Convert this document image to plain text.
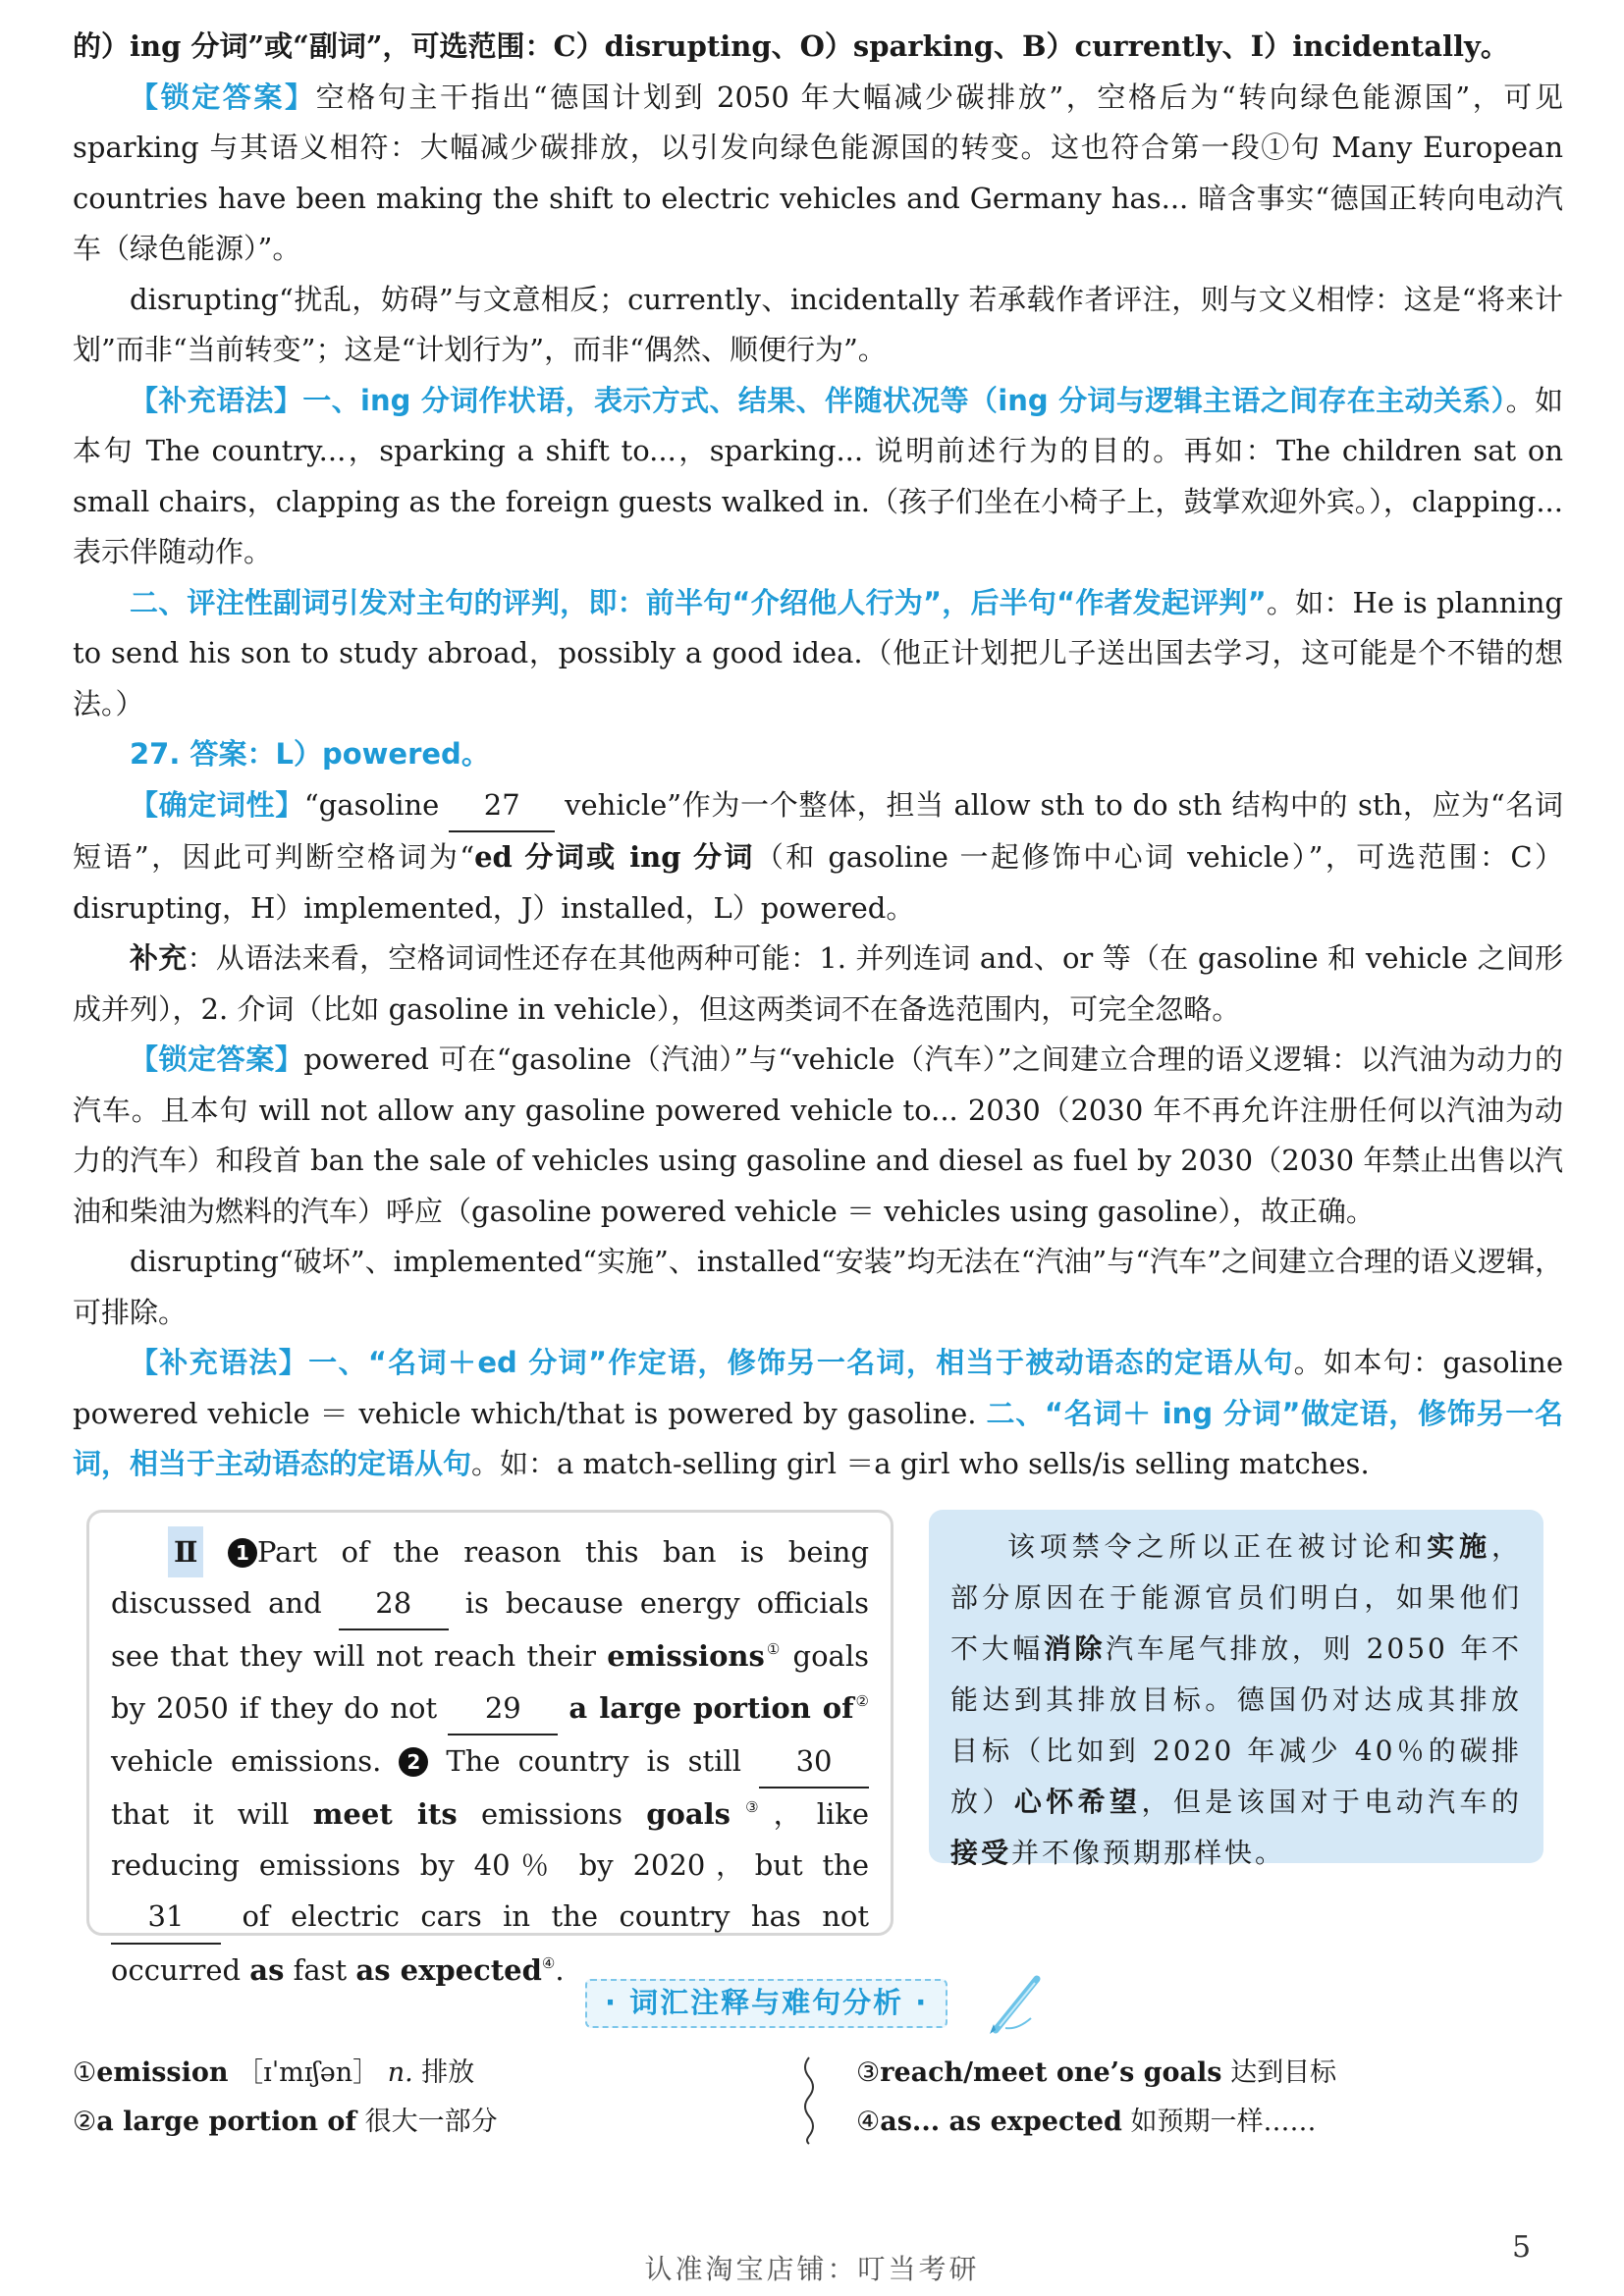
的）ing 分词”或“副词”，可选范围：C）disrupting、O）sparking、B）currently、I）incidentally。

【锁定答案】空格句主干指出“德国计划到 2050 年大幅减少碳排放”，空格后为“转向绿色能源国”，可见 sparking 与其语义相符：大幅减少碳排放，以引发向绿色能源国的转变。这也符合第一段①句 Many European countries have been making the shift to electric vehicles and Germany has... 暗含事实“德国正转向电动汽车（绿色能源）”。

disrupting“扰乱，妨碍”与文意相反；currently、incidentally 若承载作者评注，则与文义相悖：这是“将来计划”而非“当前转变”；这是“计划行为”，而非“偶然、顺便行为”。

【补充语法】一、ing 分词作状语，表示方式、结果、伴随状况等（ing 分词与逻辑主语之间存在主动关系）。如本句 The country...，sparking a shift to...，sparking... 说明前述行为的目的。再如：The children sat on small chairs，clapping as the foreign guests walked in.（孩子们坐在小椅子上，鼓掌欢迎外宾。），clapping... 表示伴随动作。

二、评注性副词引发对主句的评判，即：前半句“介绍他人行为”，后半句“作者发起评判”。如：He is planning to send his son to study abroad，possibly a good idea.（他正计划把儿子送出国去学习，这可能是个不错的想法。）

27. 答案：L）powered。

【确定词性】“gasoline 27 vehicle”作为一个整体，担当 allow sth to do sth 结构中的 sth，应为“名词短语”，因此可判断空格词为“ed 分词或 ing 分词（和 gasoline 一起修饰中心词 vehicle）”，可选范围：C）disrupting，H）implemented，J）installed，L）powered。

补充：从语法来看，空格词词性还存在其他两种可能：1. 并列连词 and、or 等（在 gasoline 和 vehicle 之间形成并列），2. 介词（比如 gasoline in vehicle），但这两类词不在备选范围内，可完全忽略。

【锁定答案】powered 可在“gasoline（汽油）”与“vehicle（汽车）”之间建立合理的语义逻辑：以汽油为动力的汽车。且本句 will not allow any gasoline powered vehicle to... 2030（2030 年不再允许注册任何以汽油为动力的汽车）和段首 ban the sale of vehicles using gasoline and diesel as fuel by 2030（2030 年禁止出售以汽油和柴油为燃料的汽车）呼应（gasoline powered vehicle ＝ vehicles using gasoline），故正确。

disrupting“破坏”、implemented“实施”、installed“安装”均无法在“汽油”与“汽车”之间建立合理的语义逻辑，可排除。

【补充语法】一、“名词＋ed 分词”作定语，修饰另一名词，相当于被动语态的定语从句。如本句：gasoline powered vehicle ＝ vehicle which/that is powered by gasoline. 二、“名词＋ ing 分词”做定语，修饰另一名词，相当于主动语态的定语从句。如：a match-selling girl ＝a girl who sells/is selling matches.

Ⅱ 1 Part of the reason this ban is being discussed and 28 is because energy officials see that they will not reach their emissions① goals by 2050 if they do not 29 a large portion of② vehicle emissions. 2 The country is still 30 that it will meet its emissions goals③，like reducing emissions by 40％ by 2020，but the 31 of electric cars in the country has not occurred as fast as expected④.

该项禁令之所以正在被讨论和实施，部分原因在于能源官员们明白，如果他们不大幅消除汽车尾气排放，则 2050 年不能达到其排放目标。德国仍对达成其排放目标（比如到 2020 年减少 40％的碳排放）心怀希望，但是该国对于电动汽车的接受并不像预期那样快。

· 词汇注释与难句分析 ·
①emission ［ɪˈmɪʃən］ n. 排放
②a large portion of 很大一部分
③reach/meet one’s goals 达到目标
④as... as expected 如预期一样……
认准淘宝店铺：叮当考研
5
